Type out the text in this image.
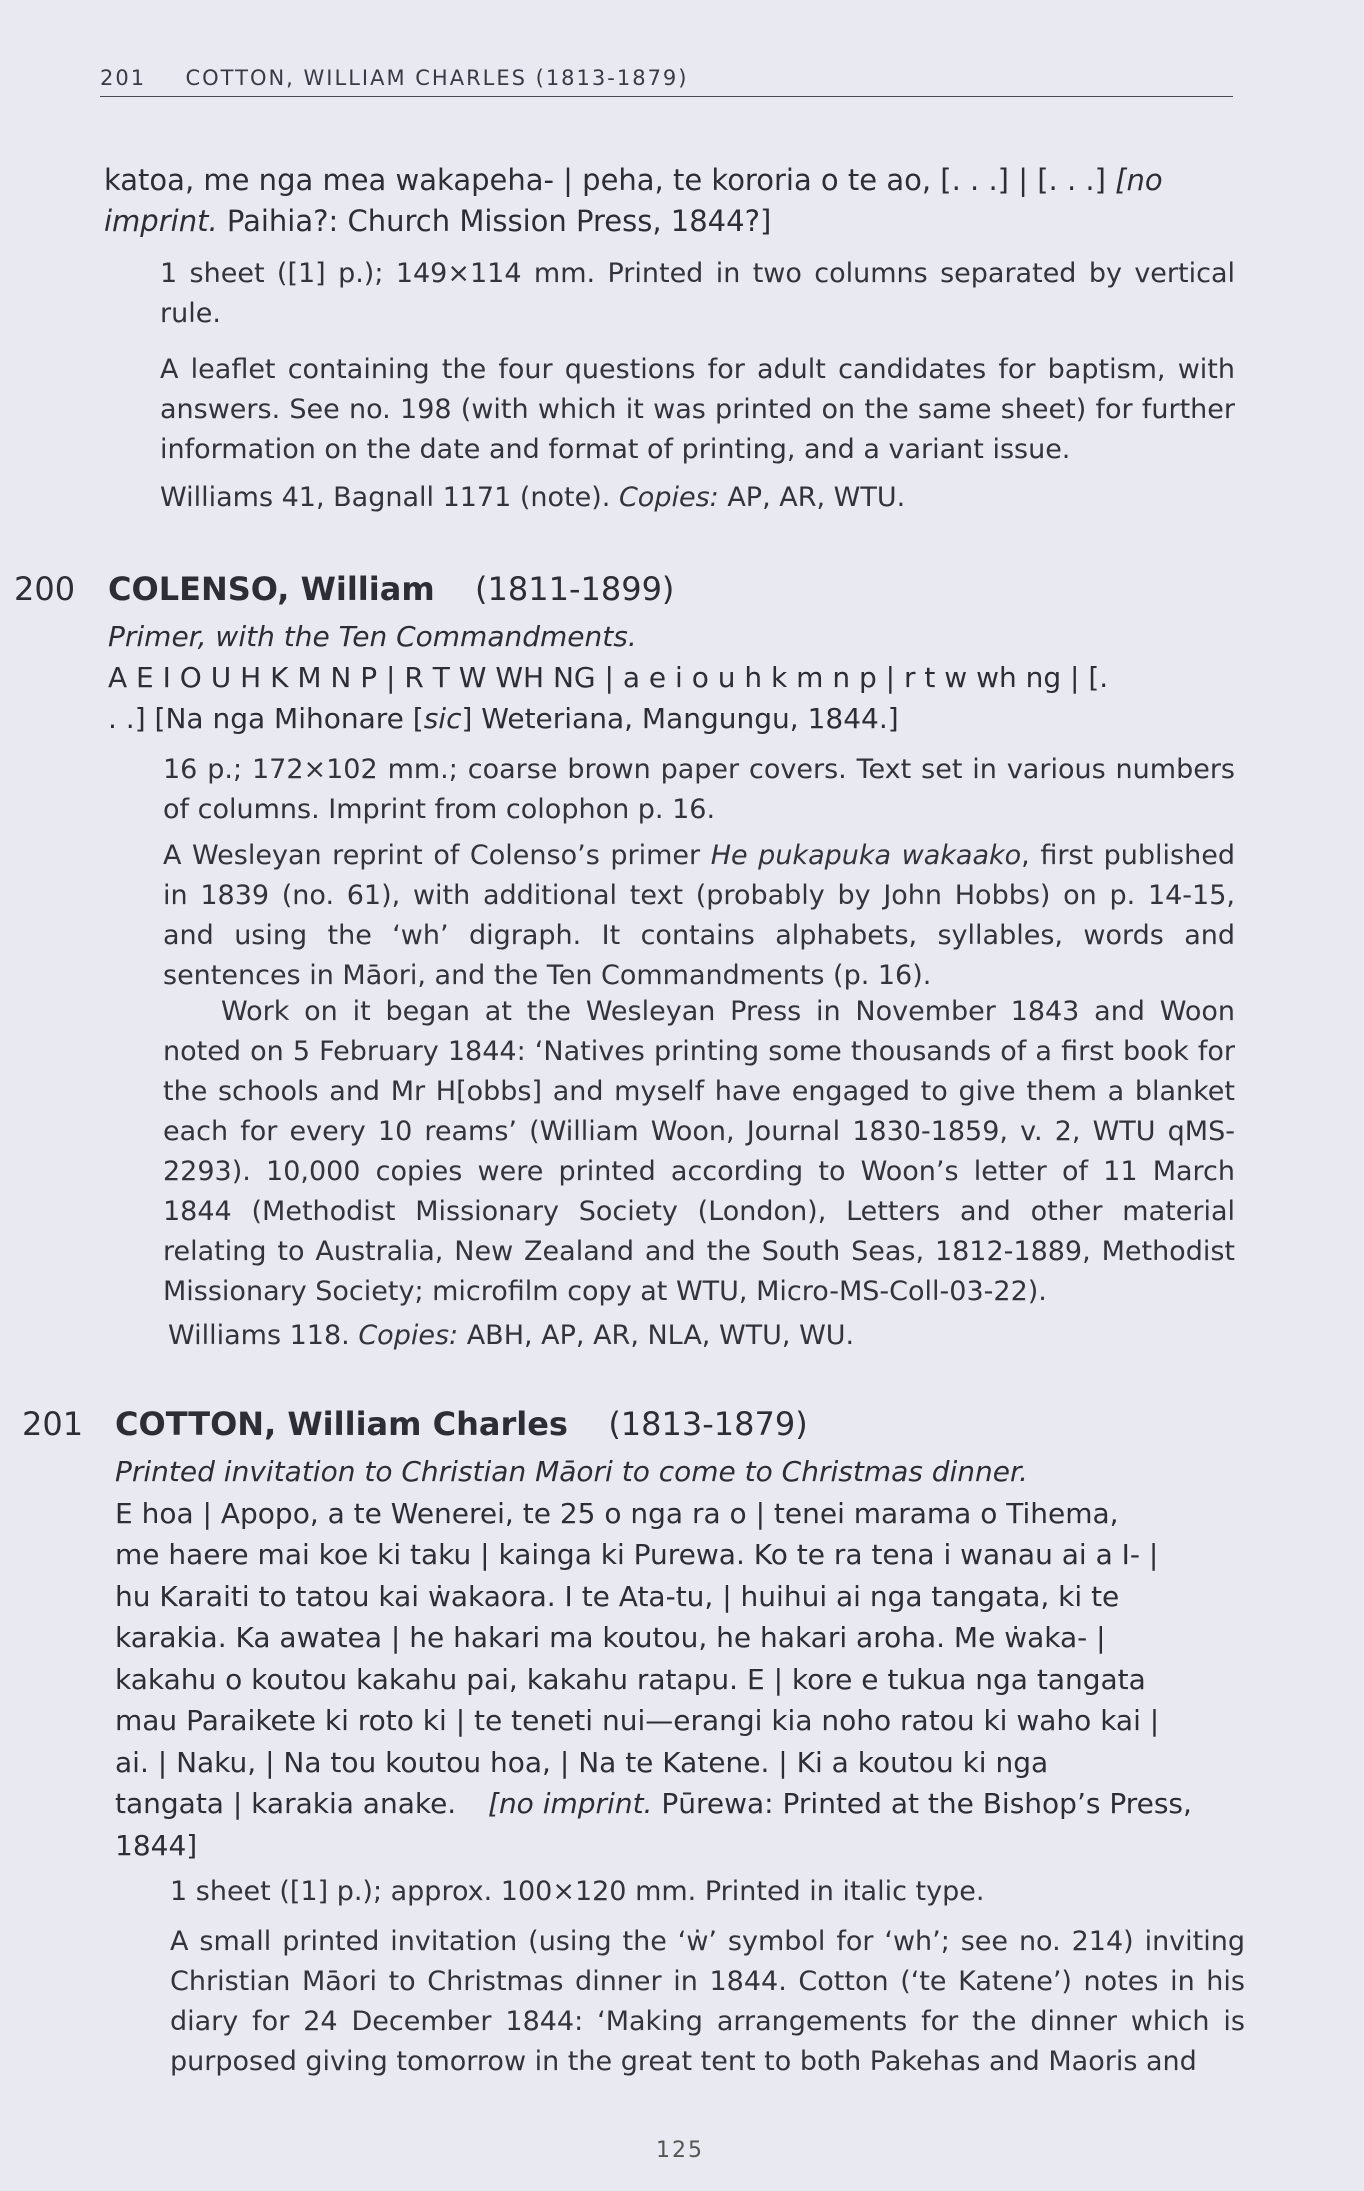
201 COTTON, WILLIAM CHARLES (1813-1879)
katoa, me nga mea wakapeha- | peha, te kororia o te ao, [. . .] | [. . .] [no
imprint. Paihia?: Church Mission Press, 1844?]

1 sheet ([1] p.); 149×114 mm. Printed in two columns separated by vertical rule.

A leaflet containing the four questions for adult candidates for baptism, with answers. See no. 198 (with which it was printed on the same sheet) for further information on the date and format of printing, and a variant issue.

Williams 41, Bagnall 1171 (note). Copies: AP, AR, WTU.

200 COLENSO, William (1811-1899)
Primer, with the Ten Commandments.
A E I O U H K M N P | R T W WH NG | a e i o u h k m n p | r t w wh ng | [.
. .] [Na nga Mihonare [sic] Weteriana, Mangungu, 1844.]

16 p.; 172×102 mm.; coarse brown paper covers. Text set in various numbers of columns. Imprint from colophon p. 16.

A Wesleyan reprint of Colenso’s primer He pukapuka wakaako, first published in 1839 (no. 61), with additional text (probably by John Hobbs) on p. 14-15, and using the ‘wh’ digraph. It contains alphabets, syllables, words and sentences in Māori, and the Ten Commandments (p. 16).

Work on it began at the Wesleyan Press in November 1843 and Woon noted on 5 February 1844: ‘Natives printing some thousands of a first book for the schools and Mr H[obbs] and myself have engaged to give them a blanket each for every 10 reams’ (William Woon, Journal 1830-1859, v. 2, WTU qMS-2293). 10,000 copies were printed according to Woon’s letter of 11 March 1844 (Methodist Missionary Society (London), Letters and other material relating to Australia, New Zealand and the South Seas, 1812-1889, Methodist Missionary Society; microfilm copy at WTU, Micro-MS-Coll-03-22).

Williams 118. Copies: ABH, AP, AR, NLA, WTU, WU.

201 COTTON, William Charles (1813-1879)
Printed invitation to Christian Māori to come to Christmas dinner.
E hoa | Apopo, a te Wenerei, te 25 o nga ra o | tenei marama o Tihema,
me haere mai koe ki taku | kainga ki Purewa. Ko te ra tena i wanau ai a I- |
hu Karaiti to tatou kai ẇakaora. I te Ata-tu, | huihui ai nga tangata, ki te
karakia. Ka awatea | he hakari ma koutou, he hakari aroha. Me ẇaka- |
kakahu o koutou kakahu pai, kakahu ratapu. E | kore e tukua nga tangata
mau Paraikete ki roto ki | te teneti nui—erangi kia noho ratou ki waho kai |
ai. | Naku, | Na tou koutou hoa, | Na te Katene. | Ki a koutou ki nga
tangata | karakia anake. [no imprint. Pūrewa: Printed at the Bishop’s Press,
1844]

1 sheet ([1] p.); approx. 100×120 mm. Printed in italic type.

A small printed invitation (using the ‘ẇ’ symbol for ‘wh’; see no. 214) inviting Christian Māori to Christmas dinner in 1844. Cotton (‘te Katene’) notes in his diary for 24 December 1844: ‘Making arrangements for the dinner which is purposed giving tomorrow in the great tent to both Pakehas and Maoris and

125
